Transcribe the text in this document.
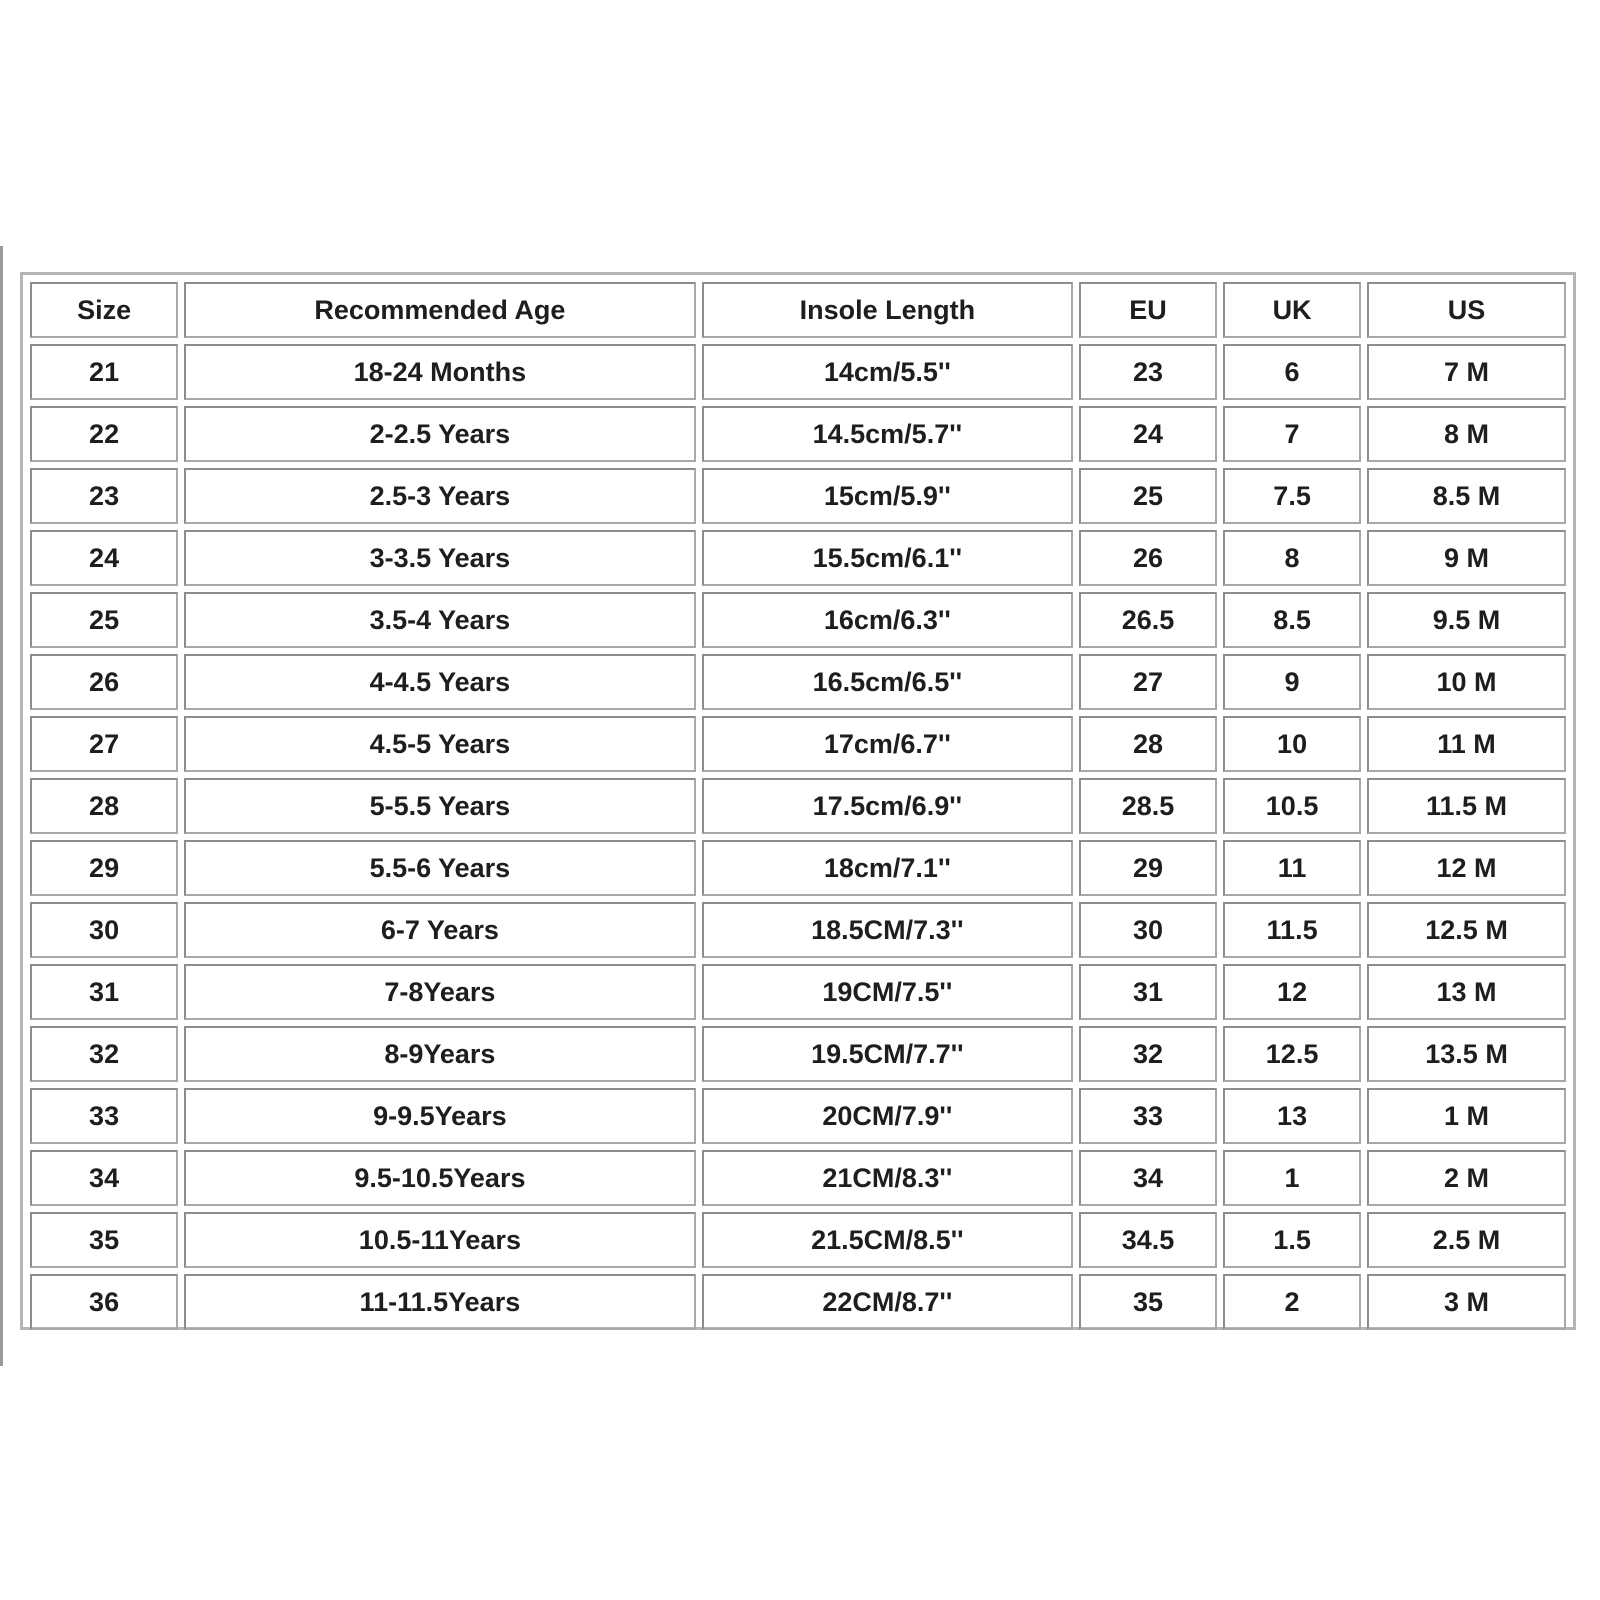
Size	Recommended Age	Insole Length	EU	UK	US
21	18-24 Months	14cm/5.5''	23	6	7 M
22	2-2.5 Years	14.5cm/5.7''	24	7	8 M
23	2.5-3 Years	15cm/5.9''	25	7.5	8.5 M
24	3-3.5 Years	15.5cm/6.1''	26	8	9 M
25	3.5-4 Years	16cm/6.3''	26.5	8.5	9.5 M
26	4-4.5 Years	16.5cm/6.5''	27	9	10 M
27	4.5-5 Years	17cm/6.7''	28	10	11 M
28	5-5.5 Years	17.5cm/6.9''	28.5	10.5	11.5 M
29	5.5-6 Years	18cm/7.1''	29	11	12 M
30	6-7 Years	18.5CM/7.3''	30	11.5	12.5 M
31	7-8Years	19CM/7.5''	31	12	13 M
32	8-9Years	19.5CM/7.7''	32	12.5	13.5 M
33	9-9.5Years	20CM/7.9''	33	13	1 M
34	9.5-10.5Years	21CM/8.3''	34	1	2 M
35	10.5-11Years	21.5CM/8.5''	34.5	1.5	2.5 M
36	11-11.5Years	22CM/8.7''	35	2	3 M
